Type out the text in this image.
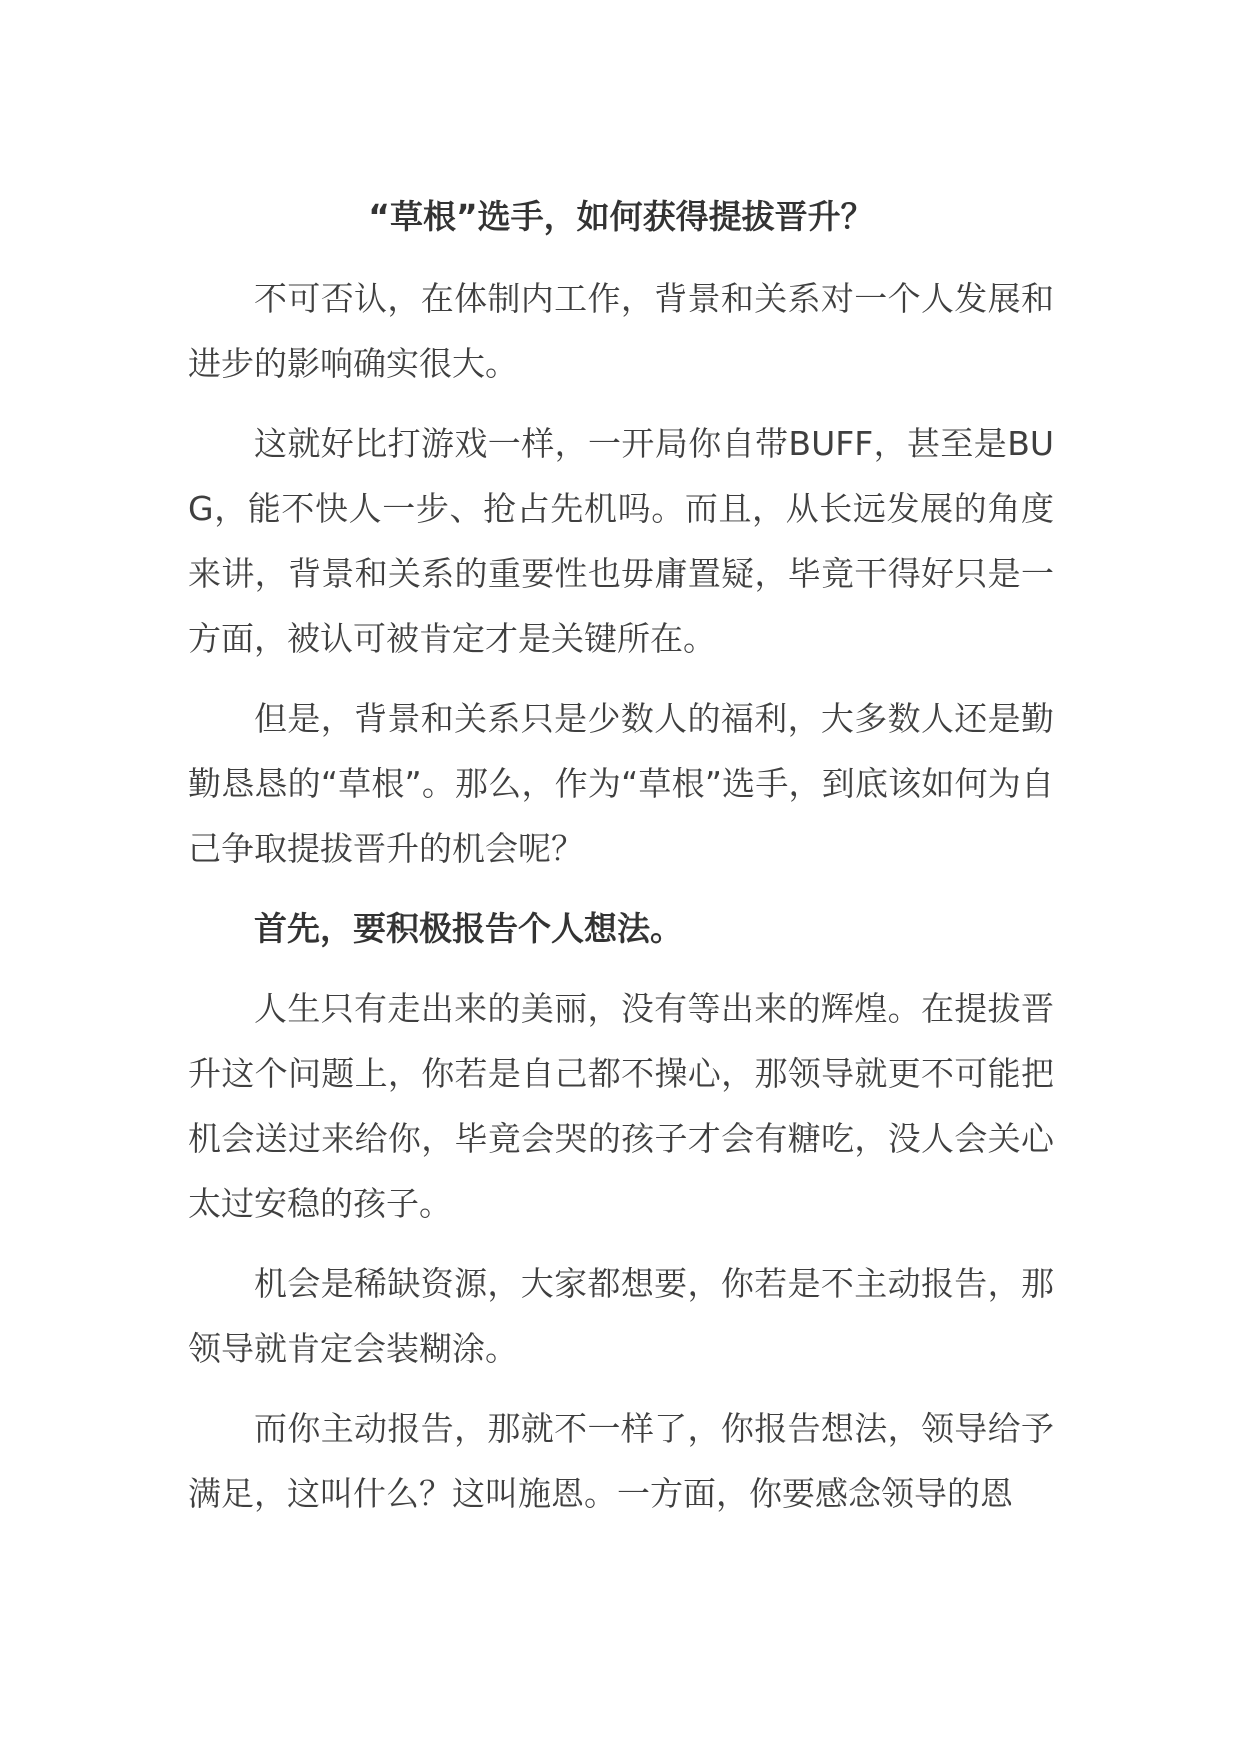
“草根”选手，如何获得提拔晋升？

不可否认，在体制内工作，背景和关系对一个人发展和进步的影响确实很大。

这就好比打游戏一样，一开局你自带BUFF，甚至是BUG，能不快人一步、抢占先机吗。而且，从长远发展的角度来讲，背景和关系的重要性也毋庸置疑，毕竟干得好只是一方面，被认可被肯定才是关键所在。

但是，背景和关系只是少数人的福利，大多数人还是勤勤恳恳的“草根”。那么，作为“草根”选手，到底该如何为自己争取提拔晋升的机会呢？

首先，要积极报告个人想法。

人生只有走出来的美丽，没有等出来的辉煌。在提拔晋升这个问题上，你若是自己都不操心，那领导就更不可能把机会送过来给你，毕竟会哭的孩子才会有糖吃，没人会关心太过安稳的孩子。

机会是稀缺资源，大家都想要，你若是不主动报告，那领导就肯定会装糊涂。

而你主动报告，那就不一样了，你报告想法，领导给予满足，这叫什么？这叫施恩。一方面，你要感念领导的恩
